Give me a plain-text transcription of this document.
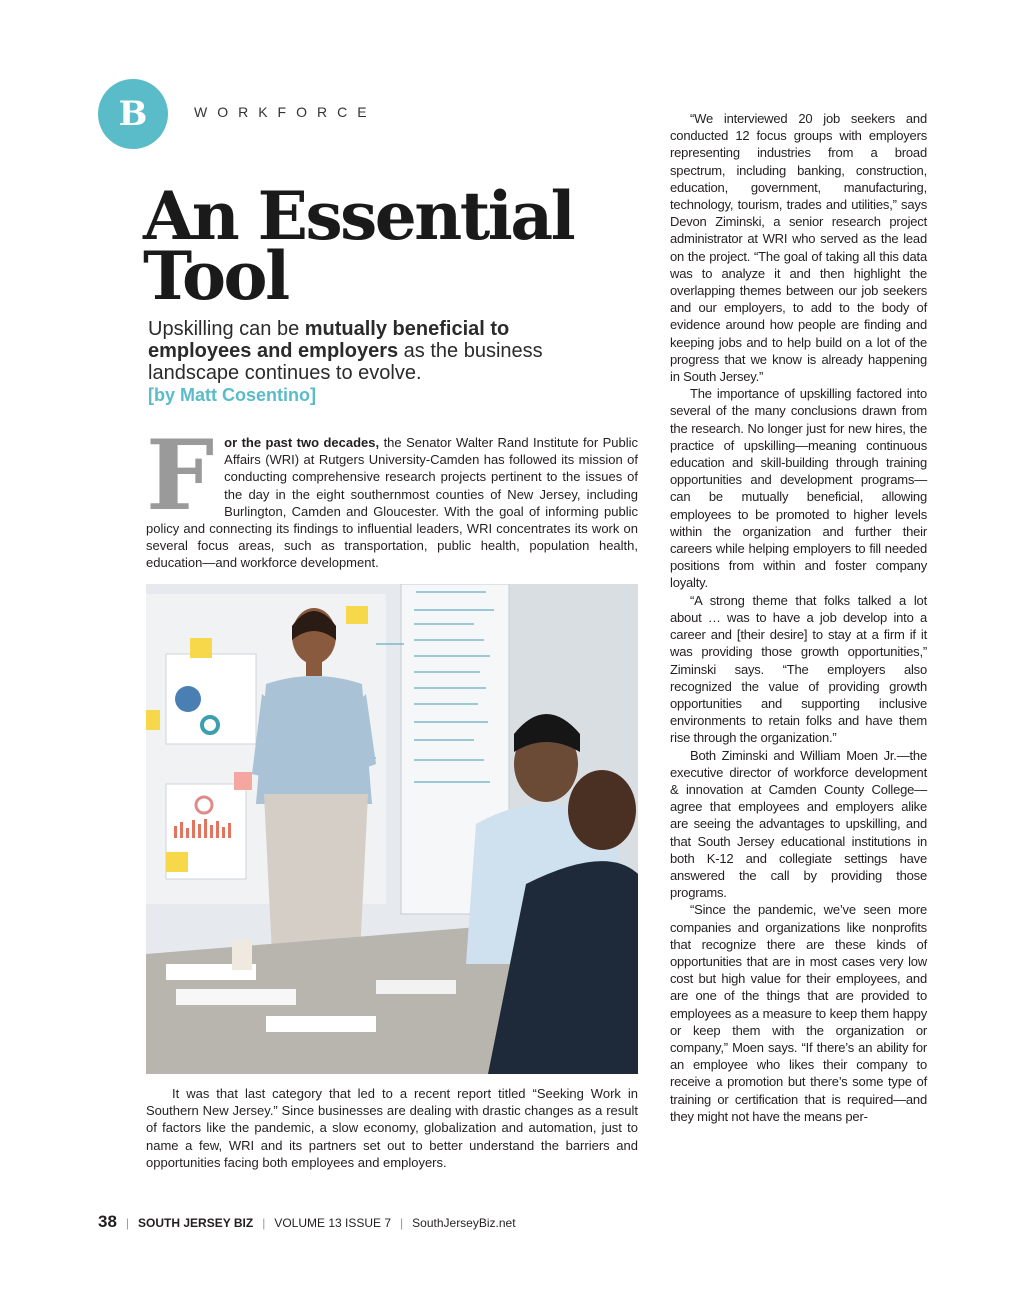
B	WORKFORCE
An Essential Tool

Upskilling can be mutually beneficial to employees and employers as the business landscape continues to evolve.

[by Matt Cosentino]
For the past two decades, the Senator Walter Rand Institute for Public Affairs (WRI) at Rutgers University-Camden has followed its mission of conducting comprehensive research projects pertinent to the issues of the day in the eight southernmost counties of New Jersey, including Burlington, Camden and Gloucester. With the goal of informing public policy and connecting its findings to influential leaders, WRI concentrates its work on several focus areas, such as transportation, public health, population health, education—and workforce development.

It was that last category that led to a recent report titled “Seeking Work in Southern New Jersey.” Since businesses are dealing with drastic changes as a result of factors like the pandemic, a slow economy, globalization and automation, just to name a few, WRI and its partners set out to better understand the barriers and opportunities facing both employees and employers.

“We interviewed 20 job seekers and conducted 12 focus groups with employers representing industries from a broad spectrum, including banking, construction, education, government, manufacturing, technology, tourism, trades and utilities,” says Devon Ziminski, a senior research project administrator at WRI who served as the lead on the project. “The goal of taking all this data was to analyze it and then highlight the overlapping themes between our job seekers and our employers, to add to the body of evidence around how people are finding and keeping jobs and to help build on a lot of the progress that we know is already happening in South Jersey.”

The importance of upskilling factored into several of the many conclusions drawn from the research. No longer just for new hires, the practice of upskilling—meaning continuous education and skill-building through training opportunities and development programs—can be mutually beneficial, allowing employees to be promoted to higher levels within the organization and further their careers while helping employers to fill needed positions from within and foster company loyalty.

“A strong theme that folks talked a lot about … was to have a job develop into a career and [their desire] to stay at a firm if it was providing those growth opportunities,” Ziminski says. “The employers also recognized the value of providing growth opportunities and supporting inclusive environments to retain folks and have them rise through the organization.”

Both Ziminski and William Moen Jr.—the executive director of workforce development & innovation at Camden County College—agree that employees and employers alike are seeing the advantages to upskilling, and that South Jersey educational institutions in both K-12 and collegiate settings have answered the call by providing those programs.

“Since the pandemic, we’ve seen more companies and organizations like nonprofits that recognize there are these kinds of opportunities that are in most cases very low cost but high value for their employees, and are one of the things that are provided to employees as a measure to keep them happy or keep them with the organization or company,” Moen says. “If there’s an ability for an employee who likes their company to receive a promotion but there’s some type of training or certification that is required—and they might not have the means per-

38 | SOUTH JERSEY BIZ | VOLUME 13 ISSUE 7 | SouthJerseyBiz.net
